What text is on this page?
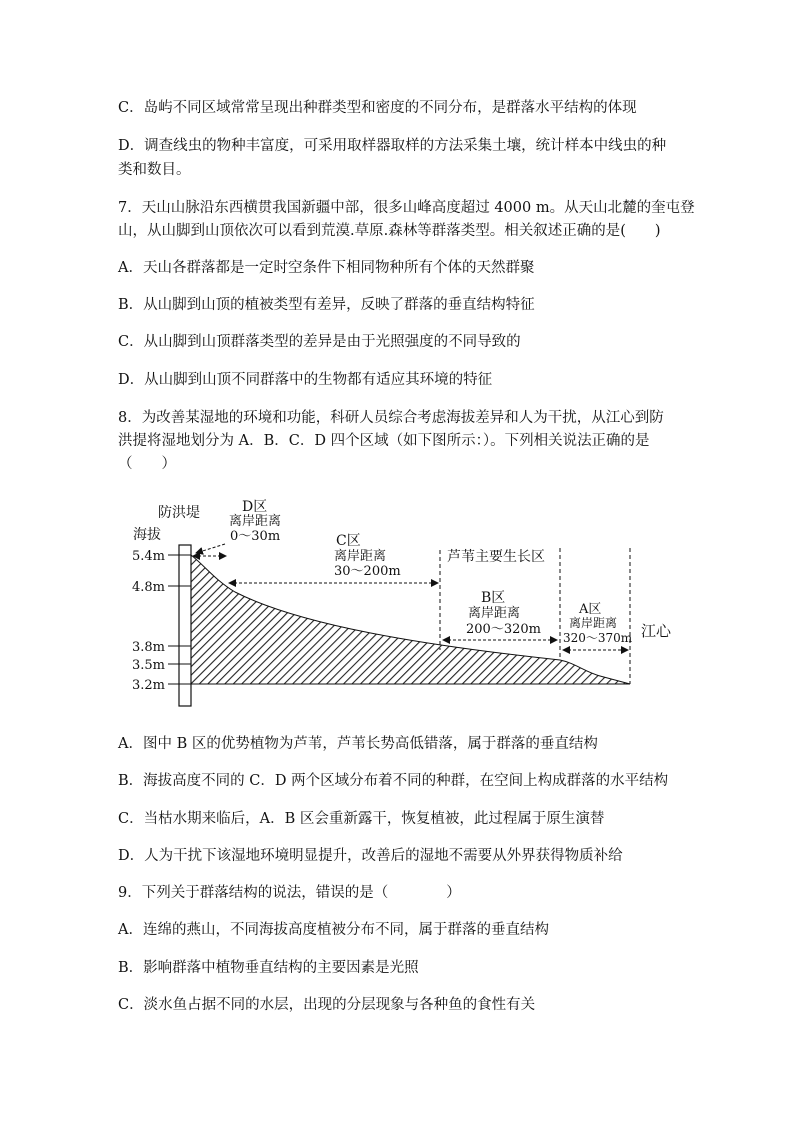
C．岛屿不同区域常常呈现出种群类型和密度的不同分布，是群落水平结构的体现
D．调查线虫的物种丰富度，可采用取样器取样的方法采集土壤，统计样本中线虫的种
类和数目。
7．天山山脉沿东西横贯我国新疆中部，很多山峰高度超过 4000 m。从天山北麓的奎屯登
山，从山脚到山顶依次可以看到荒漠.草原.森林等群落类型。相关叙述正确的是(　　)
A．天山各群落都是一定时空条件下相同物种所有个体的天然群聚
B．从山脚到山顶的植被类型有差异，反映了群落的垂直结构特征
C．从山脚到山顶群落类型的差异是由于光照强度的不同导致的
D．从山脚到山顶不同群落中的生物都有适应其环境的特征
8．为改善某湿地的环境和功能，科研人员综合考虑海拔差异和人为干扰，从江心到防
洪提将湿地划分为 A．B．C．D 四个区域（如下图所示：）。下列相关说法正确的是
（　　）
5.4m
4.8m
3.8m
3.5m
3.2m
海拔
防洪堤	D区
离岸距离
0～30m	C区
离岸距离
30～200m
芦苇主要生长区
B区
离岸距离
200～320m
A区
离岸距离
320～370m 江心
A．图中 B 区的优势植物为芦苇，芦苇长势高低错落，属于群落的垂直结构
B．海拔高度不同的 C．D 两个区域分布着不同的种群，在空间上构成群落的水平结构
C．当枯水期来临后，A．B 区会重新露干，恢复植被，此过程属于原生演替
D．人为干扰下该湿地环境明显提升，改善后的湿地不需要从外界获得物质补给
9．下列关于群落结构的说法，错误的是（　　　　）
A．连绵的燕山，不同海拔高度植被分布不同，属于群落的垂直结构
B．影响群落中植物垂直结构的主要因素是光照
C．淡水鱼占据不同的水层，出现的分层现象与各种鱼的食性有关
